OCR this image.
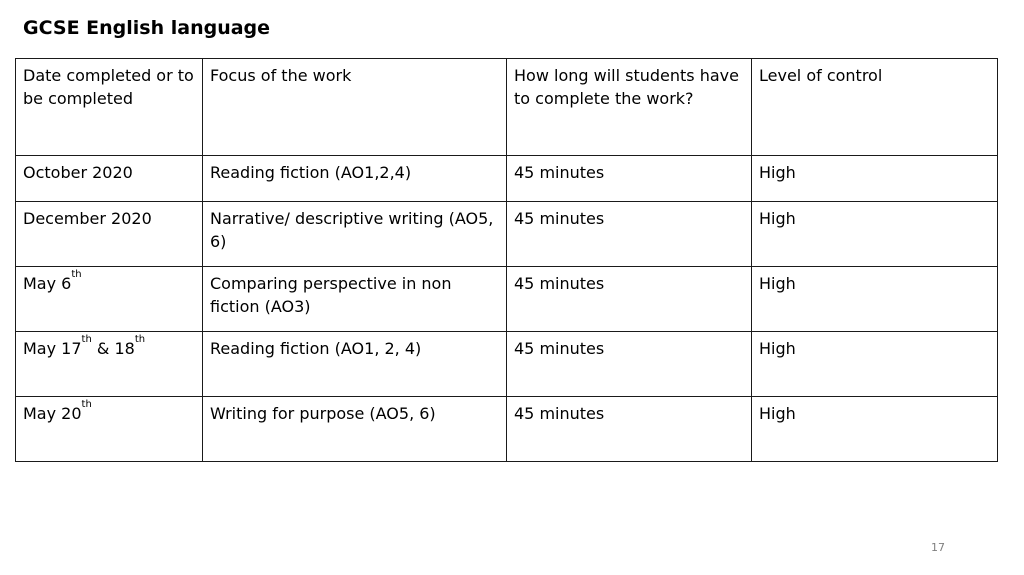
GCSE English language
Date completed or to be completed	Focus of the work	How long will students have to complete the work?	Level of control
October 2020	Reading fiction (AO1,2,4)	45 minutes	High
December 2020	Narrative/ descriptive writing (AO5, 6)	45 minutes	High
May 6th	Comparing perspective in non fiction (AO3)	45 minutes	High
May 17th & 18th	Reading fiction (AO1, 2, 4)	45 minutes	High
May 20th	Writing for purpose (AO5, 6)	45 minutes	High
17
